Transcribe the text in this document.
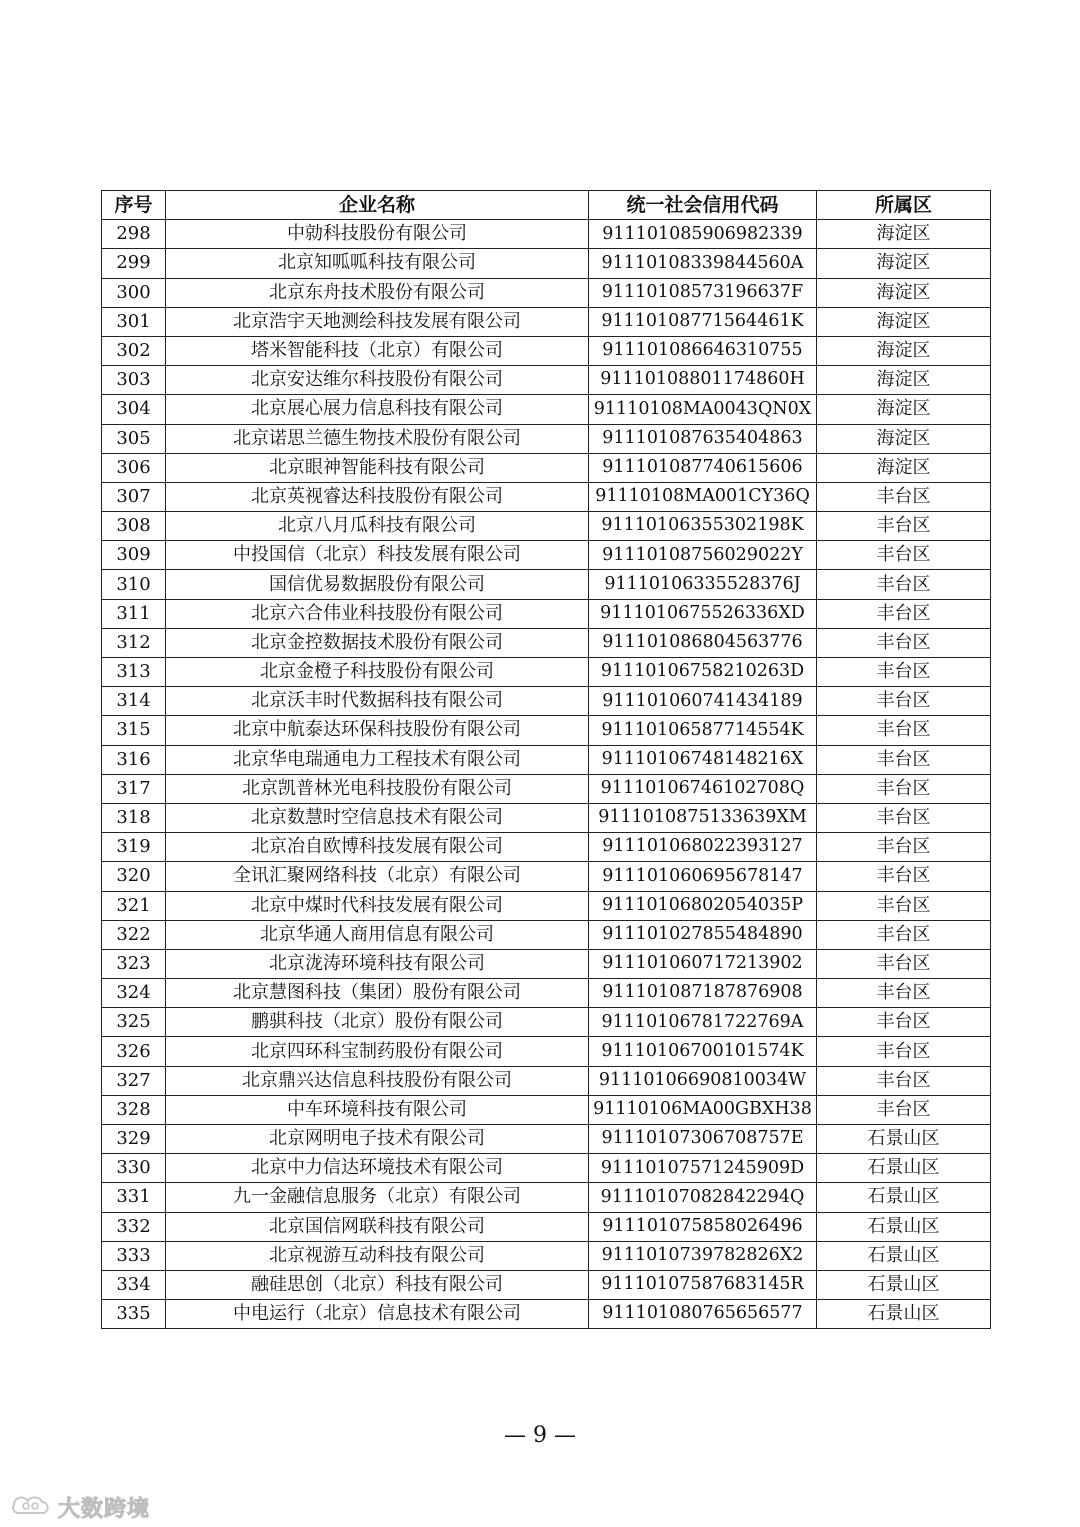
序号	企业名称	统一社会信用代码	所属区
298	中勍科技股份有限公司	911101085906982339	海淀区
299	北京知呱呱科技有限公司	91110108339844560A	海淀区
300	北京东舟技术股份有限公司	91110108573196637F	海淀区
301	北京浩宇天地测绘科技发展有限公司	91110108771564461K	海淀区
302	塔米智能科技（北京）有限公司	911101086646310755	海淀区
303	北京安达维尔科技股份有限公司	91110108801174860H	海淀区
304	北京展心展力信息科技有限公司	91110108MA0043QN0X	海淀区
305	北京诺思兰德生物技术股份有限公司	911101087635404863	海淀区
306	北京眼神智能科技有限公司	911101087740615606	海淀区
307	北京英视睿达科技股份有限公司	91110108MA001CY36Q	丰台区
308	北京八月瓜科技有限公司	91110106355302198K	丰台区
309	中投国信（北京）科技发展有限公司	91110108756029022Y	丰台区
310	国信优易数据股份有限公司	91110106335528376J	丰台区
311	北京六合伟业科技股份有限公司	9111010675526336XD	丰台区
312	北京金控数据技术股份有限公司	911101086804563776	丰台区
313	北京金橙子科技股份有限公司	91110106758210263D	丰台区
314	北京沃丰时代数据科技有限公司	911101060741434189	丰台区
315	北京中航泰达环保科技股份有限公司	91110106587714554K	丰台区
316	北京华电瑞通电力工程技术有限公司	91110106748148216X	丰台区
317	北京凯普林光电科技股份有限公司	91110106746102708Q	丰台区
318	北京数慧时空信息技术有限公司	9111010875133639XM	丰台区
319	北京冶自欧博科技发展有限公司	911101068022393127	丰台区
320	全讯汇聚网络科技（北京）有限公司	911101060695678147	丰台区
321	北京中煤时代科技发展有限公司	91110106802054035P	丰台区
322	北京华通人商用信息有限公司	911101027855484890	丰台区
323	北京泷涛环境科技有限公司	911101060717213902	丰台区
324	北京慧图科技（集团）股份有限公司	911101087187876908	丰台区
325	鹏骐科技（北京）股份有限公司	91110106781722769A	丰台区
326	北京四环科宝制药股份有限公司	91110106700101574K	丰台区
327	北京鼎兴达信息科技股份有限公司	91110106690810034W	丰台区
328	中车环境科技有限公司	91110106MA00GBXH38	丰台区
329	北京网明电子技术有限公司	91110107306708757E	石景山区
330	北京中力信达环境技术有限公司	91110107571245909D	石景山区
331	九一金融信息服务（北京）有限公司	91110107082842294Q	石景山区
332	北京国信网联科技有限公司	911101075858026496	石景山区
333	北京视游互动科技有限公司	9111010739782826X2	石景山区
334	融硅思创（北京）科技有限公司	91110107587683145R	石景山区
335	中电运行（北京）信息技术有限公司	911101080765656577	石景山区
— 9 —
大数跨境
